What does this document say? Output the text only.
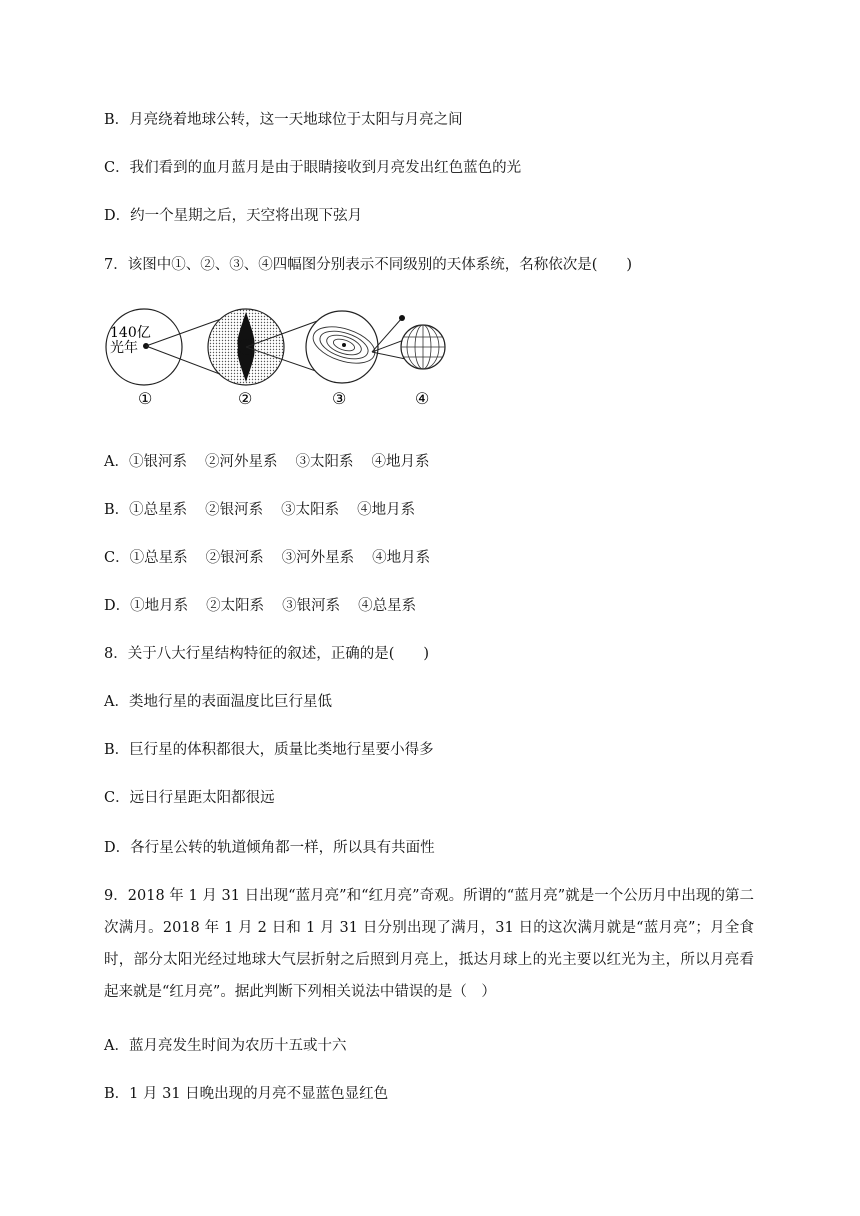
B．月亮绕着地球公转，这一天地球位于太阳与月亮之间
C．我们看到的血月蓝月是由于眼睛接收到月亮发出红色蓝色的光
D．约一个星期之后，天空将出现下弦月
7．该图中①、②、③、④四幅图分别表示不同级别的天体系统，名称依次是(　　)
140亿
光年
①	②	③	④
A．①银河系 ②河外星系 ③太阳系 ④地月系
B．①总星系 ②银河系 ③太阳系 ④地月系
C．①总星系 ②银河系 ③河外星系 ④地月系
D．①地月系 ②太阳系 ③银河系 ④总星系
8．关于八大行星结构特征的叙述，正确的是(　　)
A．类地行星的表面温度比巨行星低
B．巨行星的体积都很大，质量比类地行星要小得多
C．远日行星距太阳都很远
D．各行星公转的轨道倾角都一样，所以具有共面性
9．2018 年 1 月 31 日出现“蓝月亮”和“红月亮”奇观。所谓的“蓝月亮”就是一个公历月中出现的第二次满月。2018 年 1 月 2 日和 1 月 31 日分别出现了满月，31 日的这次满月就是“蓝月亮”；月全食时，部分太阳光经过地球大气层折射之后照到月亮上，抵达月球上的光主要以红光为主，所以月亮看起来就是“红月亮”。据此判断下列相关说法中错误的是（　）
A．蓝月亮发生时间为农历十五或十六
B．1 月 31 日晚出现的月亮不显蓝色显红色
